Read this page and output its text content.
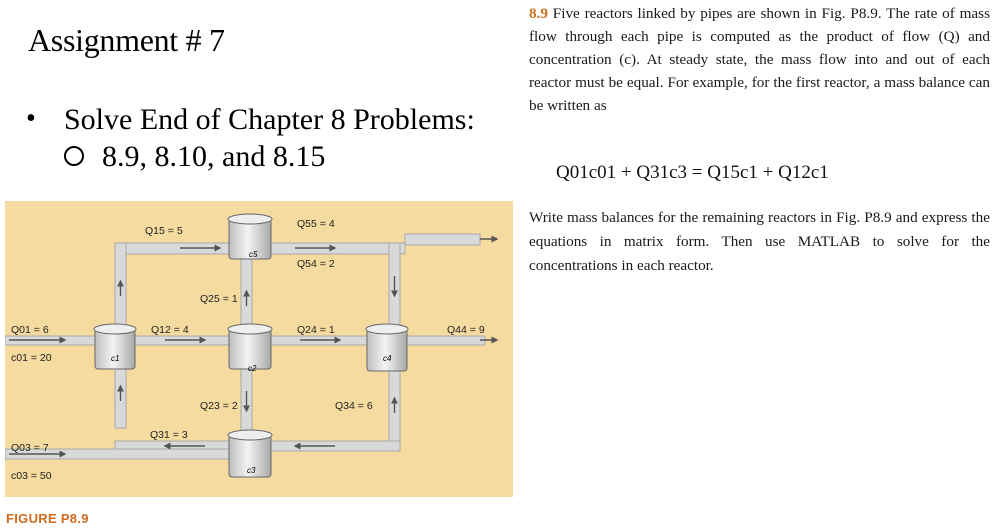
Assignment # 7
• Solve End of Chapter 8 Problems:
8.9, 8.10, and 8.15
c5
c1
c2
c4
c3
Q15 = 5
Q55 = 4
Q54 = 2
Q25 = 1
Q01 = 6
c01 = 20
Q12 = 4	Q24 = 1	Q44 = 9
Q23 = 2	Q34 = 6
Q31 = 3
Q03 = 7
c03 = 50
FIGURE P8.9

8.9 Five reactors linked by pipes are shown in Fig. P8.9. The rate of mass flow through each pipe is computed as the product of flow (Q) and concentration (c). At steady state, the mass flow into and out of each reactor must be equal. For example, for the first reactor, a mass balance can be written as

Q01c01 + Q31c3 = Q15c1 + Q12c1

Write mass balances for the remaining reactors in Fig. P8.9 and express the equations in matrix form. Then use MATLAB to solve for the concentrations in each reactor.
